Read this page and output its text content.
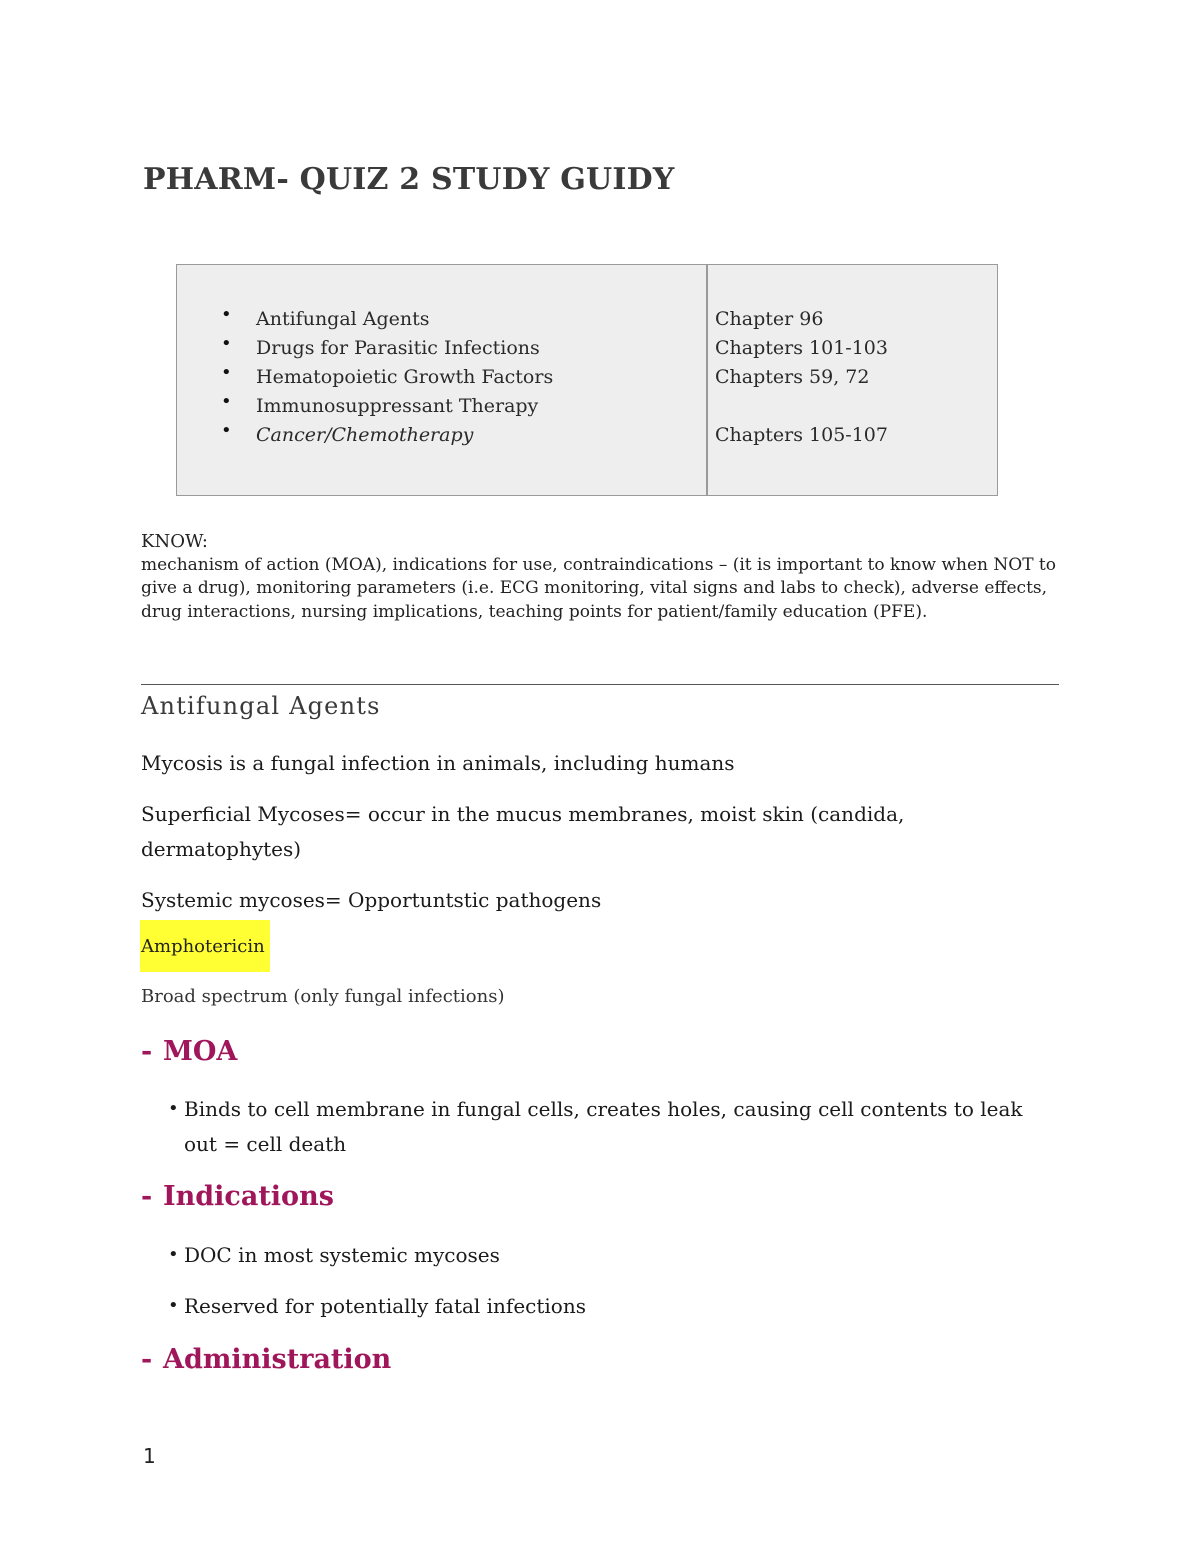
PHARM- QUIZ 2 STUDY GUIDY
• Antifungal Agents
• Drugs for Parasitic Infections
• Hematopoietic Growth Factors
• Immunosuppressant Therapy
• Cancer/Chemotherapy
Chapter 96
Chapters 101-103
Chapters 59, 72
Chapters 105-107
KNOW:
mechanism of action (MOA), indications for use, contraindications – (it is important to know when NOT to give a drug), monitoring parameters (i.e. ECG monitoring, vital signs and labs to check), adverse effects, drug interactions, nursing implications, teaching points for patient/family education (PFE).
Antifungal Agents
Mycosis is a fungal infection in animals, including humans
Superficial Mycoses= occur in the mucus membranes, moist skin (candida, dermatophytes)
Systemic mycoses= Opportuntstic pathogens
Amphotericin
Broad spectrum (only fungal infections)
- MOA
• Binds to cell membrane in fungal cells, creates holes, causing cell contents to leak out = cell death
- Indications
• DOC in most systemic mycoses
• Reserved for potentially fatal infections
- Administration
1
